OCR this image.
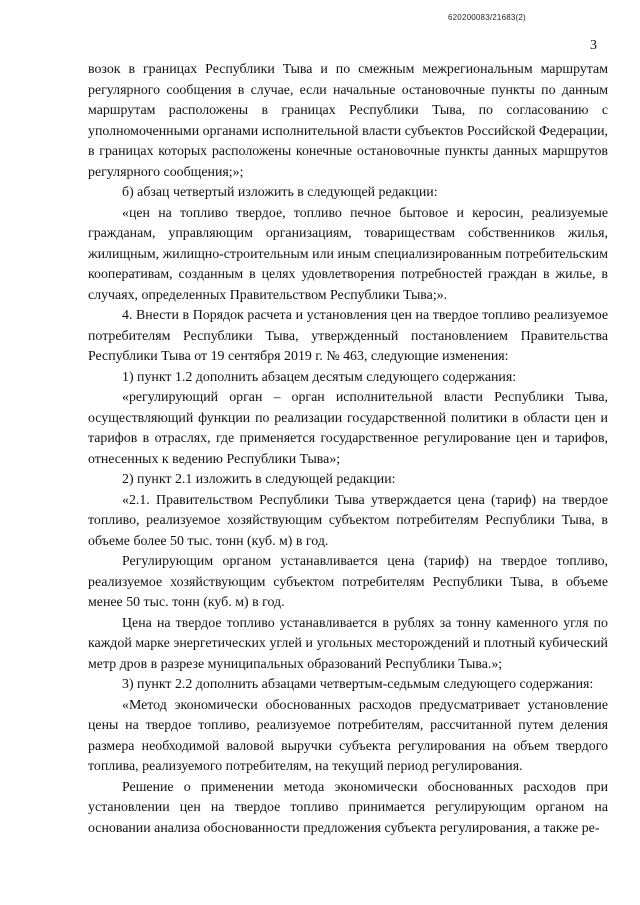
620200083/21683(2)
3

возок в границах Республики Тыва и по смежным межрегиональным маршрутам регулярного сообщения в случае, если начальные остановочные пункты по данным маршрутам расположены в границах Республики Тыва, по согласованию с уполномоченными органами исполнительной власти субъектов Российской Федерации, в границах которых расположены конечные остановочные пункты данных маршрутов регулярного сообщения;»;

б) абзац четвертый изложить в следующей редакции:

«цен на топливо твердое, топливо печное бытовое и керосин, реализуемые гражданам, управляющим организациям, товариществам собственников жилья, жилищным, жилищно-строительным или иным специализированным потребительским кооперативам, созданным в целях удовлетворения потребностей граждан в жилье, в случаях, определенных Правительством Республики Тыва;».

4. Внести в Порядок расчета и установления цен на твердое топливо реализуемое потребителям Республики Тыва, утвержденный постановлением Правительства Республики Тыва от 19 сентября 2019 г. № 463, следующие изменения:

1) пункт 1.2 дополнить абзацем десятым следующего содержания:

«регулирующий орган – орган исполнительной власти Республики Тыва, осуществляющий функции по реализации государственной политики в области цен и тарифов в отраслях, где применяется государственное регулирование цен и тарифов, отнесенных к ведению Республики Тыва»;

2) пункт 2.1 изложить в следующей редакции:

«2.1. Правительством Республики Тыва утверждается цена (тариф) на твердое топливо, реализуемое хозяйствующим субъектом потребителям Республики Тыва, в объеме более 50 тыс. тонн (куб. м) в год.

Регулирующим органом устанавливается цена (тариф) на твердое топливо, реализуемое хозяйствующим субъектом потребителям Республики Тыва, в объеме менее 50 тыс. тонн (куб. м) в год.

Цена на твердое топливо устанавливается в рублях за тонну каменного угля по каждой марке энергетических углей и угольных месторождений и плотный кубический метр дров в разрезе муниципальных образований Республики Тыва.»;

3) пункт 2.2 дополнить абзацами четвертым-седьмым следующего содержания:

«Метод экономически обоснованных расходов предусматривает установление цены на твердое топливо, реализуемое потребителям, рассчитанной путем деления размера необходимой валовой выручки субъекта регулирования на объем твердого топлива, реализуемого потребителям, на текущий период регулирования.

Решение о применении метода экономически обоснованных расходов при установлении цен на твердое топливо принимается регулирующим органом на основании анализа обоснованности предложения субъекта регулирования, а также ре-
